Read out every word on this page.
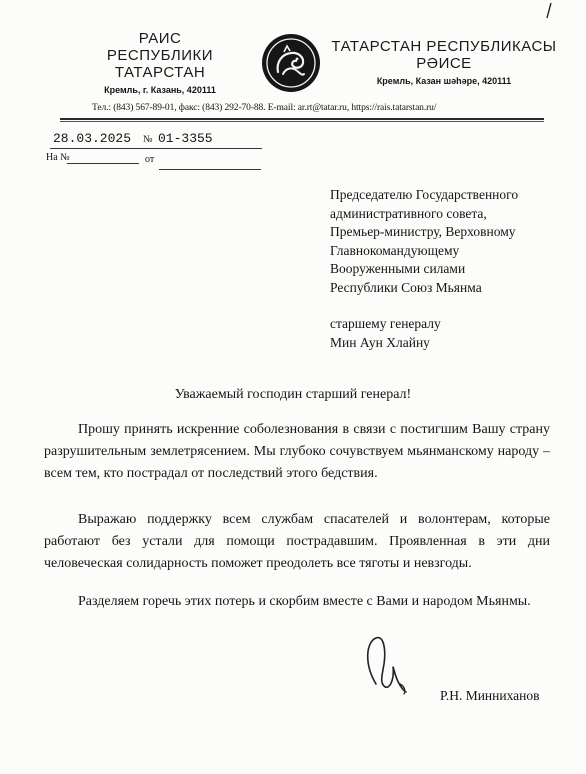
РАИС
РЕСПУБЛИКИ ТАТАРСТАН
Кремль, г. Казань, 420111
ТАТАРСТАН РЕСПУБЛИКАСЫ
РӘИСЕ
Кремль, Казан шәһәре, 420111
Тел.: (843) 567-89-01, факс: (843) 292-70-88. E-mail: ar.rt@tatar.ru, https://rais.tatarstan.ru/
28.03.2025 № 01-3355
На №	от
Председателю Государственного
административного совета,
Премьер-министру, Верховному
Главнокомандующему
Вооруженными силами
Республики Союз Мьянма
старшему генералу
Мин Аун Хлайну
Уважаемый господин старший генерал!
Прошу принять искренние соболезнования в связи с постигшим Вашу страну разрушительным землетрясением. Мы глубоко сочувствуем мьянманскому народу – всем тем, кто пострадал от последствий этого бедствия.
Выражаю поддержку всем службам спасателей и волонтерам, которые работают без устали для помощи пострадавшим. Проявленная в эти дни человеческая солидарность поможет преодолеть все тяготы и невзгоды.
Разделяем горечь этих потерь и скорбим вместе с Вами и народом Мьянмы.
Р.Н. Минниханов
